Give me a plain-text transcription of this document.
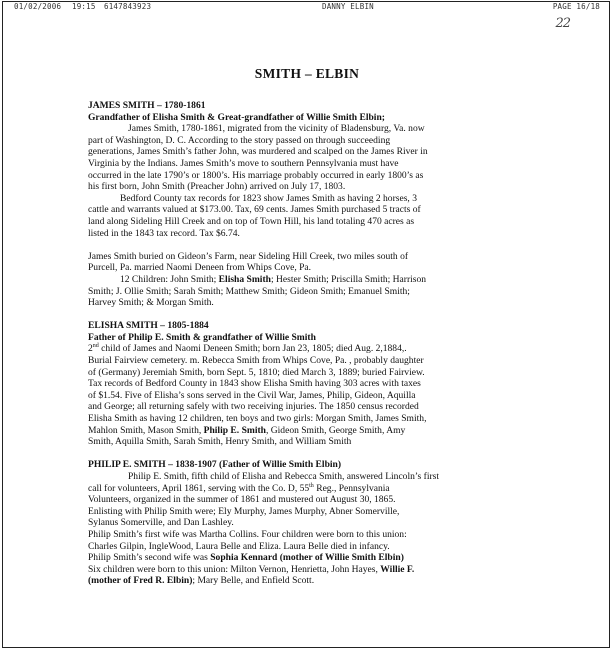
01/02/2006 19:15 6147843923	DANNY ELBIN	PAGE 16/18
22
SMITH – ELBIN
JAMES SMITH – 1780-1861
Grandfather of Elisha Smith & Great-grandfather of Willie Smith Elbin;
James Smith, 1780-1861, migrated from the vicinity of Bladensburg, Va. now
part of Washington, D. C. According to the story passed on through succeeding
generations, James Smith’s father John, was murdered and scalped on the James River in
Virginia by the Indians. James Smith’s move to southern Pennsylvania must have
occurred in the late 1790’s or 1800’s. His marriage probably occurred in early 1800’s as
his first born, John Smith (Preacher John) arrived on July 17, 1803.
Bedford County tax records for 1823 show James Smith as having 2 horses, 3
cattle and warrants valued at $173.00. Tax, 69 cents. James Smith purchased 5 tracts of
land along Sideling Hill Creek and on top of Town Hill, his land totaling 470 acres as
listed in the 1843 tax record. Tax $6.74.
James Smith buried on Gideon’s Farm, near Sideling Hill Creek, two miles south of
Purcell, Pa. married Naomi Deneen from Whips Cove, Pa.
12 Children: John Smith; Elisha Smith; Hester Smith; Priscilla Smith; Harrison
Smith; J. Ollie Smith; Sarah Smith; Matthew Smith; Gideon Smith; Emanuel Smith;
Harvey Smith; & Morgan Smith.
ELISHA SMITH – 1805-1884
Father of Philip E. Smith & grandfather of Willie Smith
2nd child of James and Naomi Deneen Smith; born Jan 23, 1805; died Aug. 2,1884,.
Burial Fairview cemetery. m. Rebecca Smith from Whips Cove, Pa. , probably daughter
of (Germany) Jeremiah Smith, born Sept. 5, 1810; died March 3, 1889; buried Fairview.
Tax records of Bedford County in 1843 show Elisha Smith having 303 acres with taxes
of $1.54. Five of Elisha’s sons served in the Civil War, James, Philip, Gideon, Aquilla
and George; all returning safely with two receiving injuries. The 1850 census recorded
Elisha Smith as having 12 children, ten boys and two girls: Morgan Smith, James Smith,
Mahlon Smith, Mason Smith, Philip E. Smith, Gideon Smith, George Smith, Amy
Smith, Aquilla Smith, Sarah Smith, Henry Smith, and William Smith
PHILIP E. SMITH – 1838-1907 (Father of Willie Smith Elbin)
Philip E. Smith, fifth child of Elisha and Rebecca Smith, answered Lincoln’s first
call for volunteers, April 1861, serving with the Co. D, 55th Reg., Pennsylvania
Volunteers, organized in the summer of 1861 and mustered out August 30, 1865.
Enlisting with Philip Smith were; Ely Murphy, James Murphy, Abner Somerville,
Sylanus Somerville, and Dan Lashley.
Philip Smith’s first wife was Martha Collins. Four children were born to this union:
Charles Gilpin, IngleWood, Laura Belle and Eliza. Laura Belle died in infancy.
Philip Smith’s second wife was Sophia Kennard (mother of Willie Smith Elbin)
Six children were born to this union: Milton Vernon, Henrietta, John Hayes, Willie F.
(mother of Fred R. Elbin); Mary Belle, and Enfield Scott.
